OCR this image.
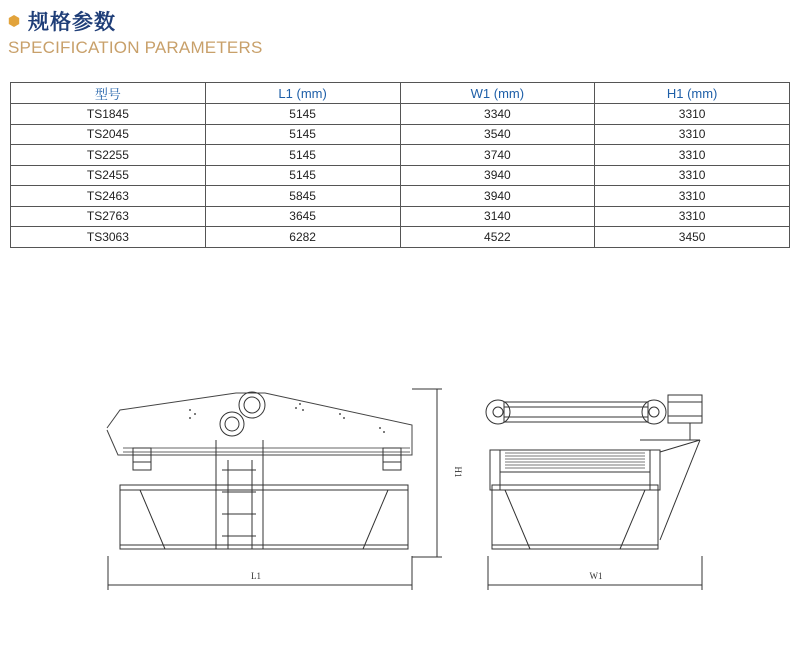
规格参数
SPECIFICATION PARAMETERS
型号	L1 (mm)	W1 (mm)	H1 (mm)
TS1845	5145	3340	3310
TS2045	5145	3540	3310
TS2255	5145	3740	3310
TS2455	5145	3940	3310
TS2463	5845	3940	3310
TS2763	3645	3140	3310
TS3063	6282	4522	3450
L1
H1
W1
